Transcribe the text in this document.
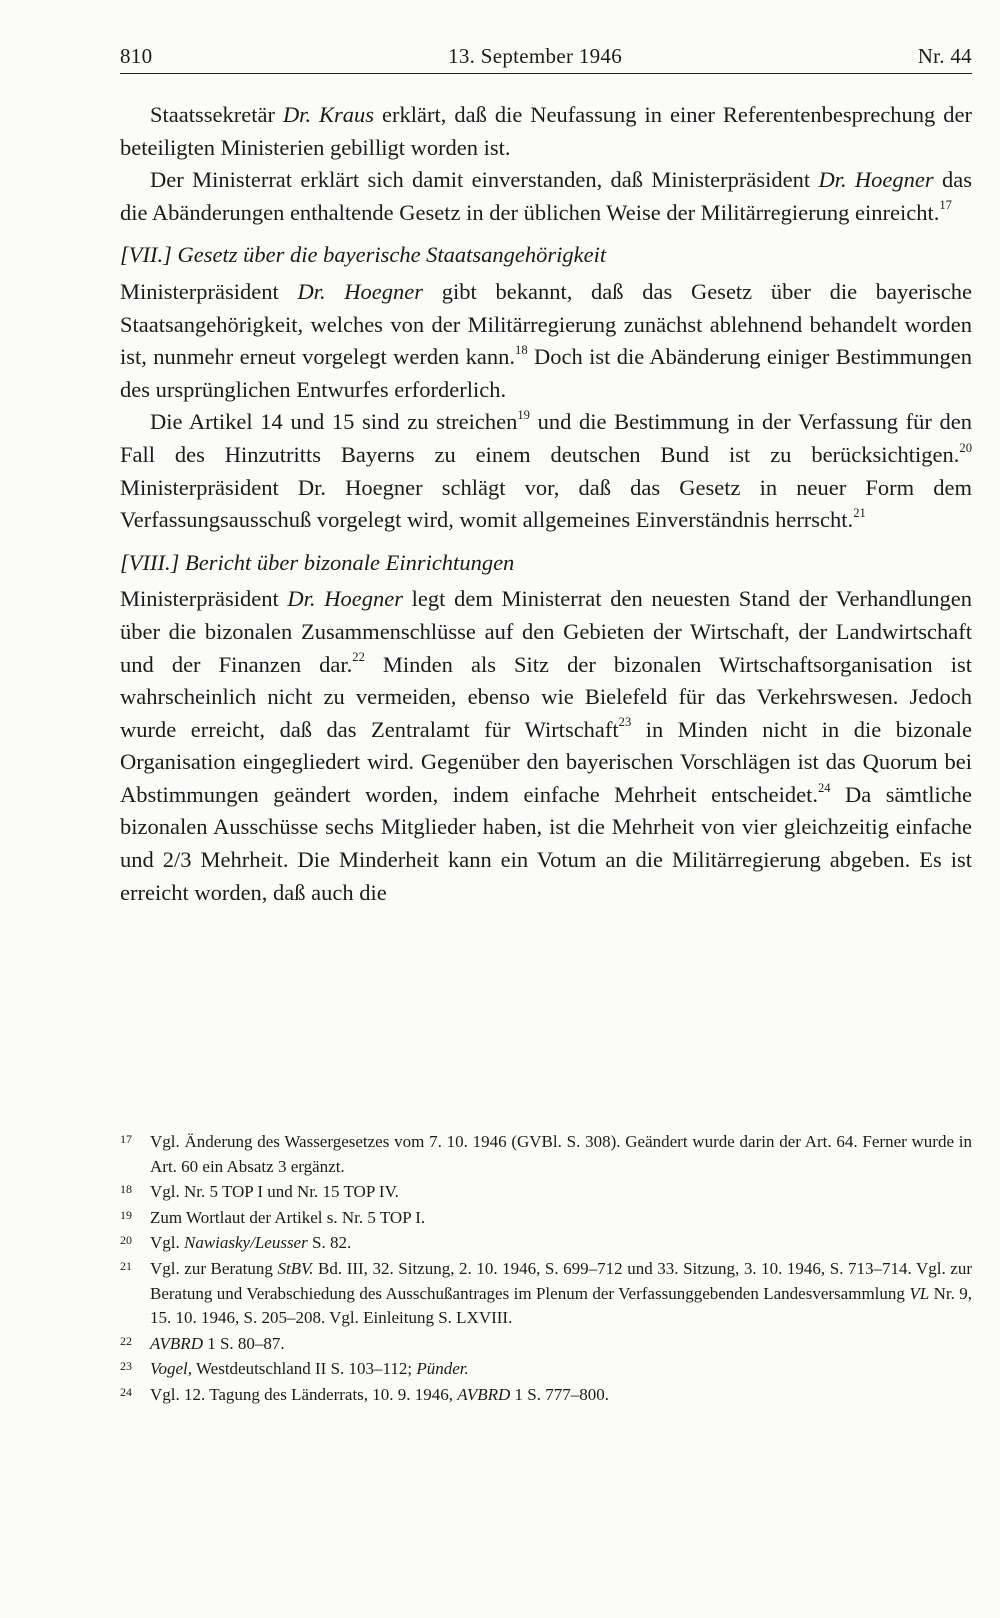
810	13. September 1946	Nr. 44

Staatssekretär Dr. Kraus erklärt, daß die Neufassung in einer Referentenbesprechung der beteiligten Ministerien gebilligt worden ist.

Der Ministerrat erklärt sich damit einverstanden, daß Ministerpräsident Dr. Hoegner das die Abänderungen enthaltende Gesetz in der üblichen Weise der Militärregierung einreicht.$^{17}$

[VII.] Gesetz über die bayerische Staatsangehörigkeit

Ministerpräsident Dr. Hoegner gibt bekannt, daß das Gesetz über die bayerische Staatsangehörigkeit, welches von der Militärregierung zunächst ablehnend behandelt worden ist, nunmehr erneut vorgelegt werden kann.$^{18}$ Doch ist die Abänderung einiger Bestimmungen des ursprünglichen Entwurfes erforderlich.

Die Artikel 14 und 15 sind zu streichen$^{19}$ und die Bestimmung in der Verfassung für den Fall des Hinzutritts Bayerns zu einem deutschen Bund ist zu berücksichtigen.$^{20}$ Ministerpräsident Dr. Hoegner schlägt vor, daß das Gesetz in neuer Form dem Verfassungsausschuß vorgelegt wird, womit allgemeines Einverständnis herrscht.$^{21}$

[VIII.] Bericht über bizonale Einrichtungen

Ministerpräsident Dr. Hoegner legt dem Ministerrat den neuesten Stand der Verhandlungen über die bizonalen Zusammenschlüsse auf den Gebieten der Wirtschaft, der Landwirtschaft und der Finanzen dar.$^{22}$ Minden als Sitz der bizonalen Wirtschaftsorganisation ist wahrscheinlich nicht zu vermeiden, ebenso wie Bielefeld für das Verkehrswesen. Jedoch wurde erreicht, daß das Zentralamt für Wirtschaft$^{23}$ in Minden nicht in die bizonale Organisation eingegliedert wird. Gegenüber den bayerischen Vorschlägen ist das Quorum bei Abstimmungen geändert worden, indem einfache Mehrheit entscheidet.$^{24}$ Da sämtliche bizonalen Ausschüsse sechs Mitglieder haben, ist die Mehrheit von vier gleichzeitig einfache und 2/3 Mehrheit. Die Minderheit kann ein Votum an die Militärregierung abgeben. Es ist erreicht worden, daß auch die

17 Vgl. Änderung des Wassergesetzes vom 7. 10. 1946 (GVBl. S. 308). Geändert wurde darin der Art. 64. Ferner wurde in Art. 60 ein Absatz 3 ergänzt.
18 Vgl. Nr. 5 TOP I und Nr. 15 TOP IV.
19 Zum Wortlaut der Artikel s. Nr. 5 TOP I.
20 Vgl. Nawiasky/Leusser S. 82.
21 Vgl. zur Beratung StBV. Bd. III, 32. Sitzung, 2. 10. 1946, S. 699–712 und 33. Sitzung, 3. 10. 1946, S. 713–714. Vgl. zur Beratung und Verabschiedung des Ausschußantrages im Plenum der Verfassunggebenden Landesversammlung VL Nr. 9, 15. 10. 1946, S. 205–208. Vgl. Einleitung S. LXVIII.
22 AVBRD 1 S. 80–87.
23 Vogel, Westdeutschland II S. 103–112; Pünder.
24 Vgl. 12. Tagung des Länderrats, 10. 9. 1946, AVBRD 1 S. 777–800.
